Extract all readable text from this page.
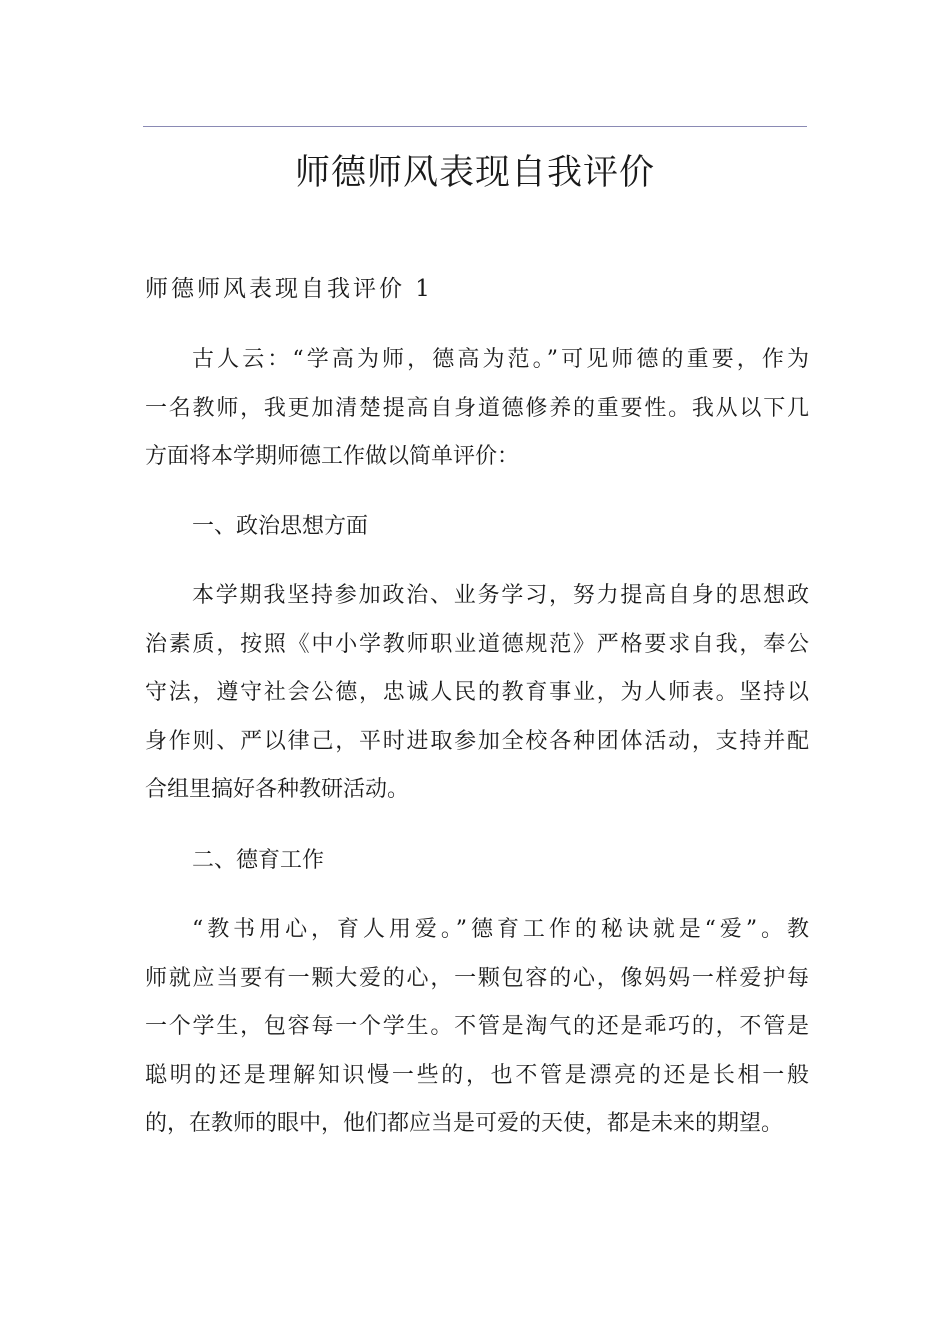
师德师风表现自我评价
师德师风表现自我评价 1
古人云：“学高为师，德高为范。”可见师德的重要，作为
一名教师，我更加清楚提高自身道德修养的重要性。我从以下几
方面将本学期师德工作做以简单评价：
一、政治思想方面
本学期我坚持参加政治、业务学习，努力提高自身的思想政
治素质，按照《中小学教师职业道德规范》严格要求自我，奉公
守法，遵守社会公德，忠诚人民的教育事业，为人师表。坚持以
身作则、严以律己，平时进取参加全校各种团体活动，支持并配
合组里搞好各种教研活动。
二、德育工作
“教书用心，育人用爱。”德育工作的秘诀就是“爱”。教
师就应当要有一颗大爱的心，一颗包容的心，像妈妈一样爱护每
一个学生，包容每一个学生。不管是淘气的还是乖巧的，不管是
聪明的还是理解知识慢一些的，也不管是漂亮的还是长相一般
的，在教师的眼中，他们都应当是可爱的天使，都是未来的期望。
